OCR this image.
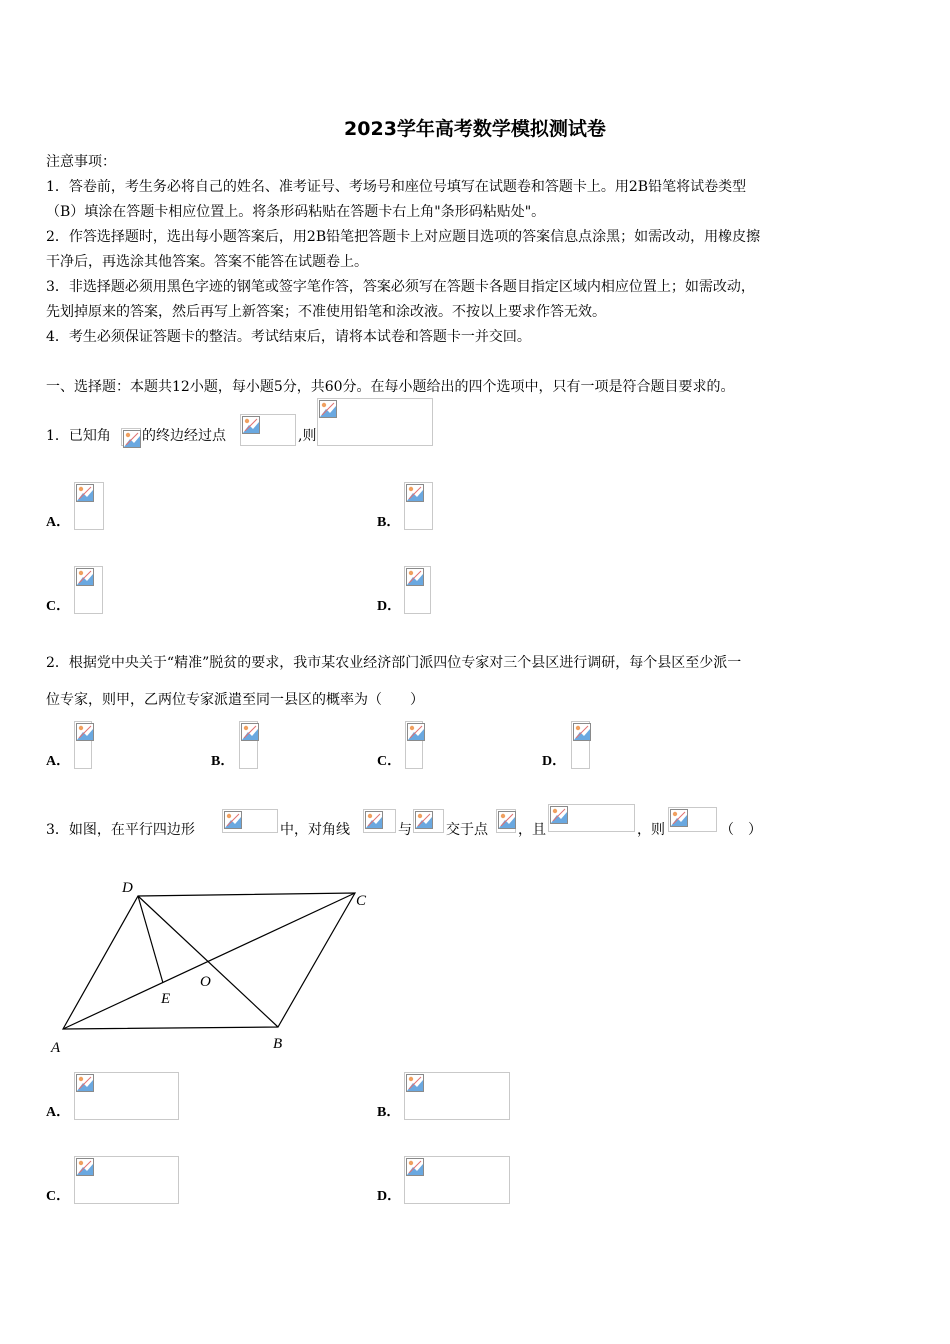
2023学年高考数学模拟测试卷
注意事项：
1．答卷前，考生务必将自己的姓名、准考证号、考场号和座位号填写在试题卷和答题卡上。用2B铅笔将试卷类型
（B）填涂在答题卡相应位置上。将条形码粘贴在答题卡右上角"条形码粘贴处"。
2．作答选择题时，选出每小题答案后，用2B铅笔把答题卡上对应题目选项的答案信息点涂黑；如需改动，用橡皮擦
干净后，再选涂其他答案。答案不能答在试题卷上。
3．非选择题必须用黑色字迹的钢笔或签字笔作答，答案必须写在答题卡各题目指定区域内相应位置上；如需改动，
先划掉原来的答案，然后再写上新答案；不准使用铅笔和涂改液。不按以上要求作答无效。
4．考生必须保证答题卡的整洁。考试结束后，请将本试卷和答题卡一并交回。
一、选择题：本题共12小题，每小题5分，共60分。在每小题给出的四个选项中，只有一项是符合题目要求的。
1．已知角 的终边经过点	,则
A．	B．
C．	D．
2．根据党中央关于“精准”脱贫的要求，我市某农业经济部门派四位专家对三个县区进行调研，每个县区至少派一
位专家，则甲，乙两位专家派遣至同一县区的概率为（　　）
A．	B．	C．	D．
3．如图，在平行四边形	中，对角线	与 交于点 ，且	，则	（　）
D
C
O
E
A	B
A．	B．
C．	D．
